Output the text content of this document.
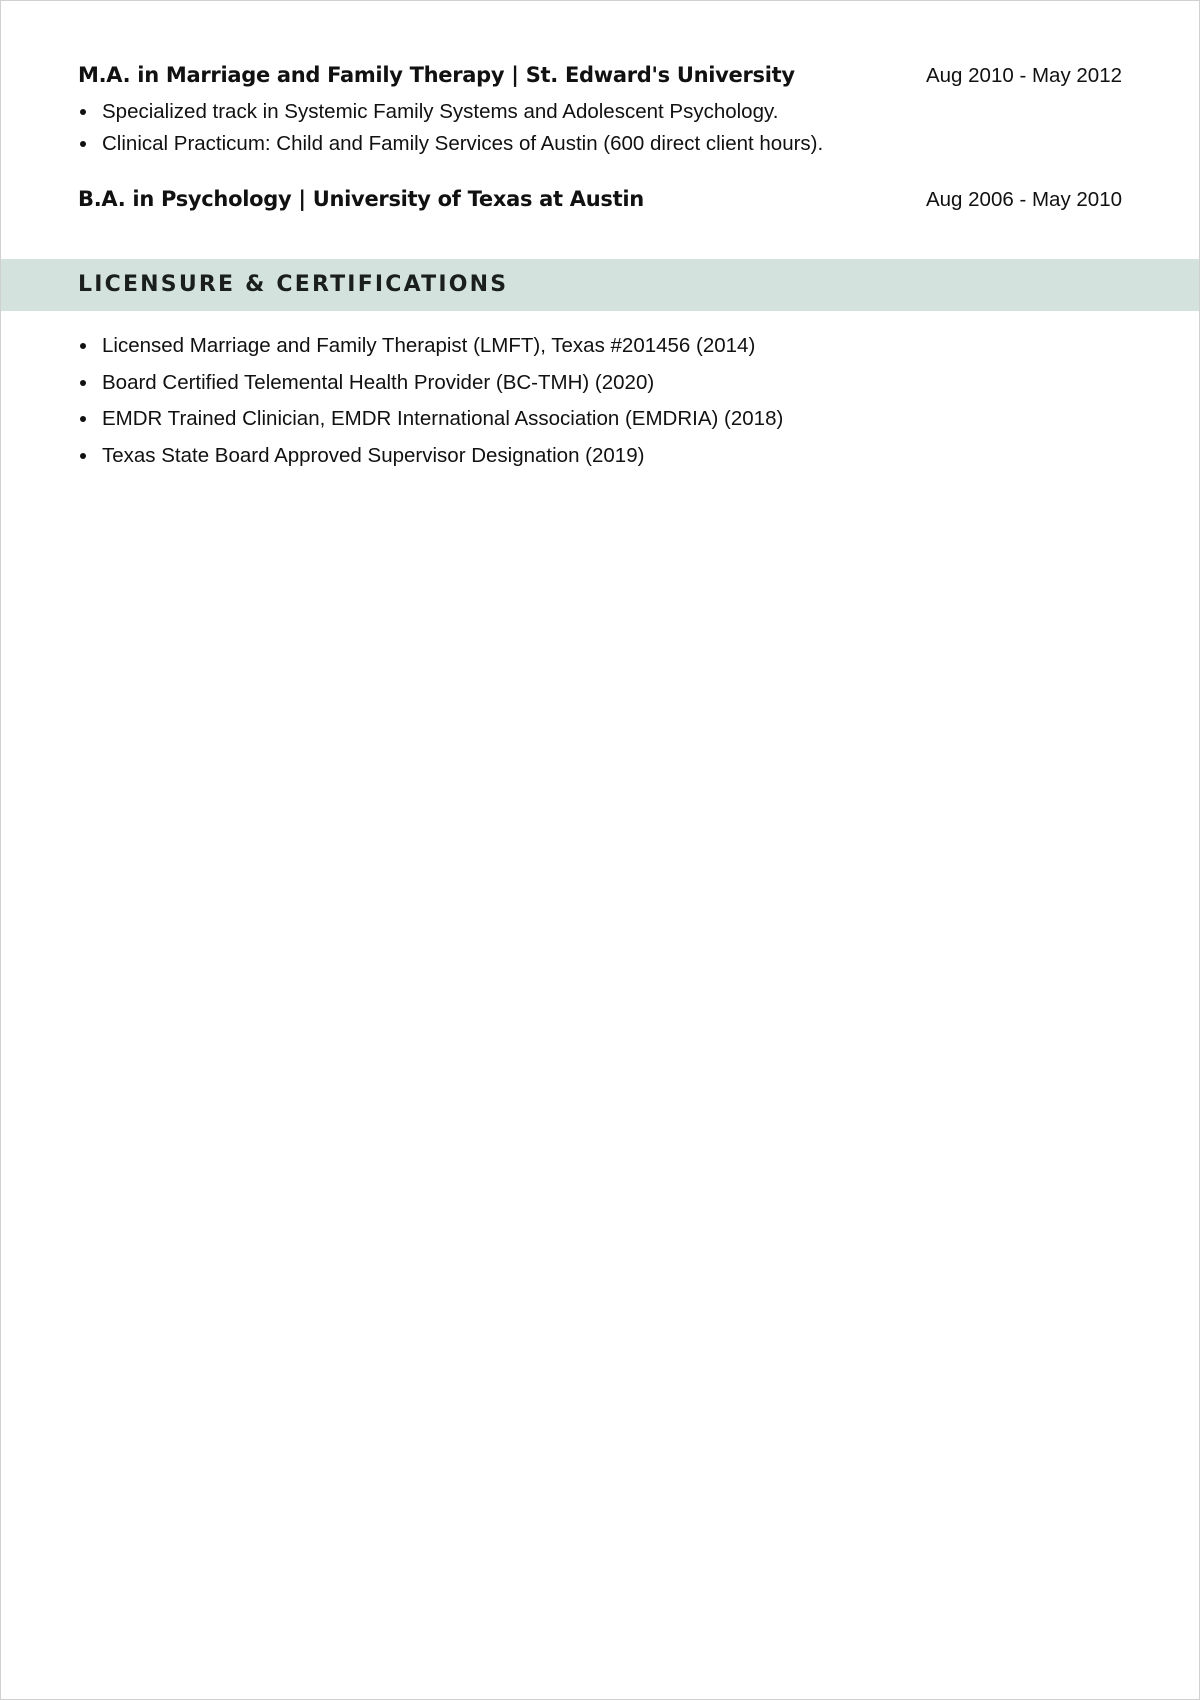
M.A. in Marriage and Family Therapy | St. Edward's University	Aug 2010 - May 2012
Specialized track in Systemic Family Systems and Adolescent Psychology.
Clinical Practicum: Child and Family Services of Austin (600 direct client hours).
B.A. in Psychology | University of Texas at Austin	Aug 2006 - May 2010
LICENSURE & CERTIFICATIONS
Licensed Marriage and Family Therapist (LMFT), Texas #201456 (2014)
Board Certified Telemental Health Provider (BC-TMH) (2020)
EMDR Trained Clinician, EMDR International Association (EMDRIA) (2018)
Texas State Board Approved Supervisor Designation (2019)
